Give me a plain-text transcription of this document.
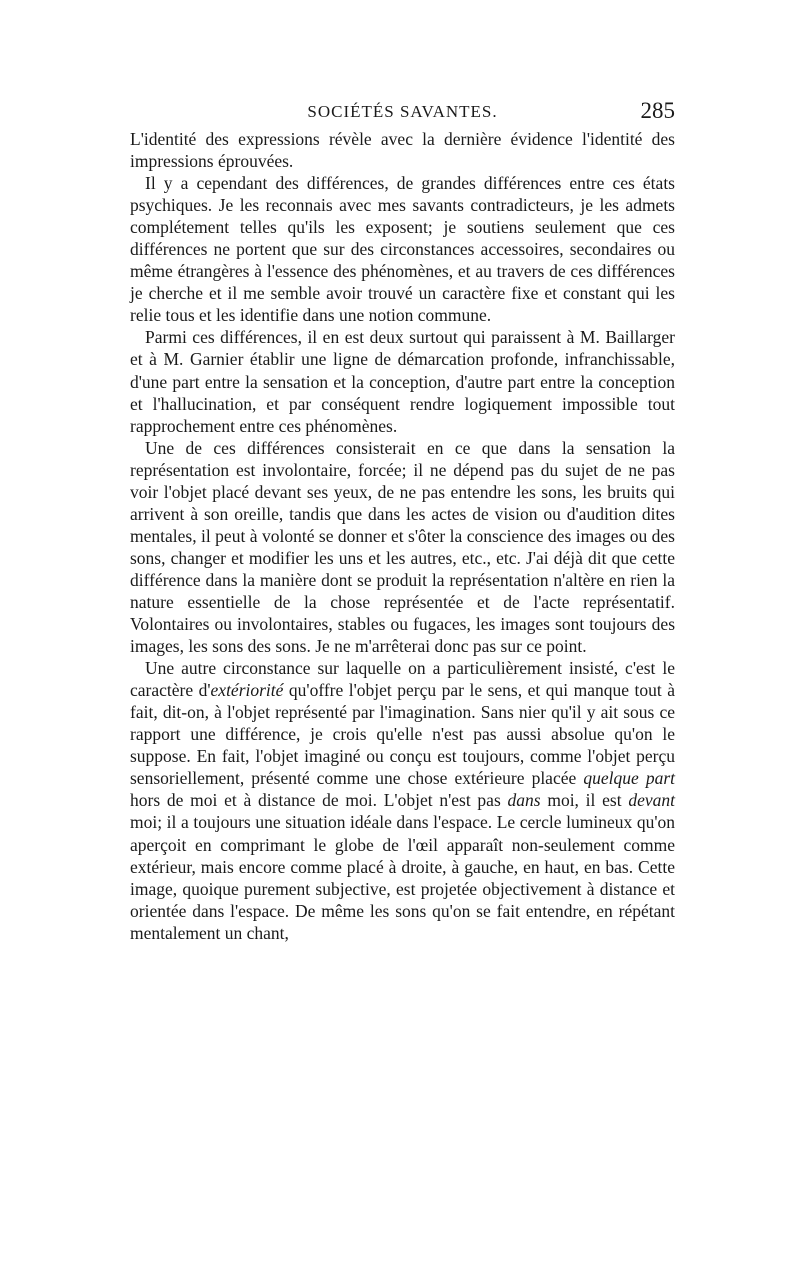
SOCIÉTÉS SAVANTES.	285

L'identité des expressions révèle avec la dernière évidence l'identité des impressions éprouvées.

Il y a cependant des différences, de grandes différences entre ces états psychiques. Je les reconnais avec mes savants contradicteurs, je les admets complétement telles qu'ils les exposent; je soutiens seulement que ces différences ne portent que sur des circonstances accessoires, secondaires ou même étrangères à l'essence des phénomènes, et au travers de ces différences je cherche et il me semble avoir trouvé un caractère fixe et constant qui les relie tous et les identifie dans une notion commune.

Parmi ces différences, il en est deux surtout qui paraissent à M. Baillarger et à M. Garnier établir une ligne de démarcation profonde, infranchissable, d'une part entre la sensation et la conception, d'autre part entre la conception et l'hallucination, et par conséquent rendre logiquement impossible tout rapprochement entre ces phénomènes.

Une de ces différences consisterait en ce que dans la sensation la représentation est involontaire, forcée; il ne dépend pas du sujet de ne pas voir l'objet placé devant ses yeux, de ne pas entendre les sons, les bruits qui arrivent à son oreille, tandis que dans les actes de vision ou d'audition dites mentales, il peut à volonté se donner et s'ôter la conscience des images ou des sons, changer et modifier les uns et les autres, etc., etc. J'ai déjà dit que cette différence dans la manière dont se produit la représentation n'altère en rien la nature essentielle de la chose représentée et de l'acte représentatif. Volontaires ou involontaires, stables ou fugaces, les images sont toujours des images, les sons des sons. Je ne m'arrêterai donc pas sur ce point.

Une autre circonstance sur laquelle on a particulièrement insisté, c'est le caractère d'extériorité qu'offre l'objet perçu par le sens, et qui manque tout à fait, dit-on, à l'objet représenté par l'imagination. Sans nier qu'il y ait sous ce rapport une différence, je crois qu'elle n'est pas aussi absolue qu'on le suppose. En fait, l'objet imaginé ou conçu est toujours, comme l'objet perçu sensoriellement, présenté comme une chose extérieure placée quelque part hors de moi et à distance de moi. L'objet n'est pas dans moi, il est devant moi; il a toujours une situation idéale dans l'espace. Le cercle lumineux qu'on aperçoit en comprimant le globe de l'œil apparaît non-seulement comme extérieur, mais encore comme placé à droite, à gauche, en haut, en bas. Cette image, quoique purement subjective, est projetée objectivement à distance et orientée dans l'espace. De même les sons qu'on se fait entendre, en répétant mentalement un chant,
